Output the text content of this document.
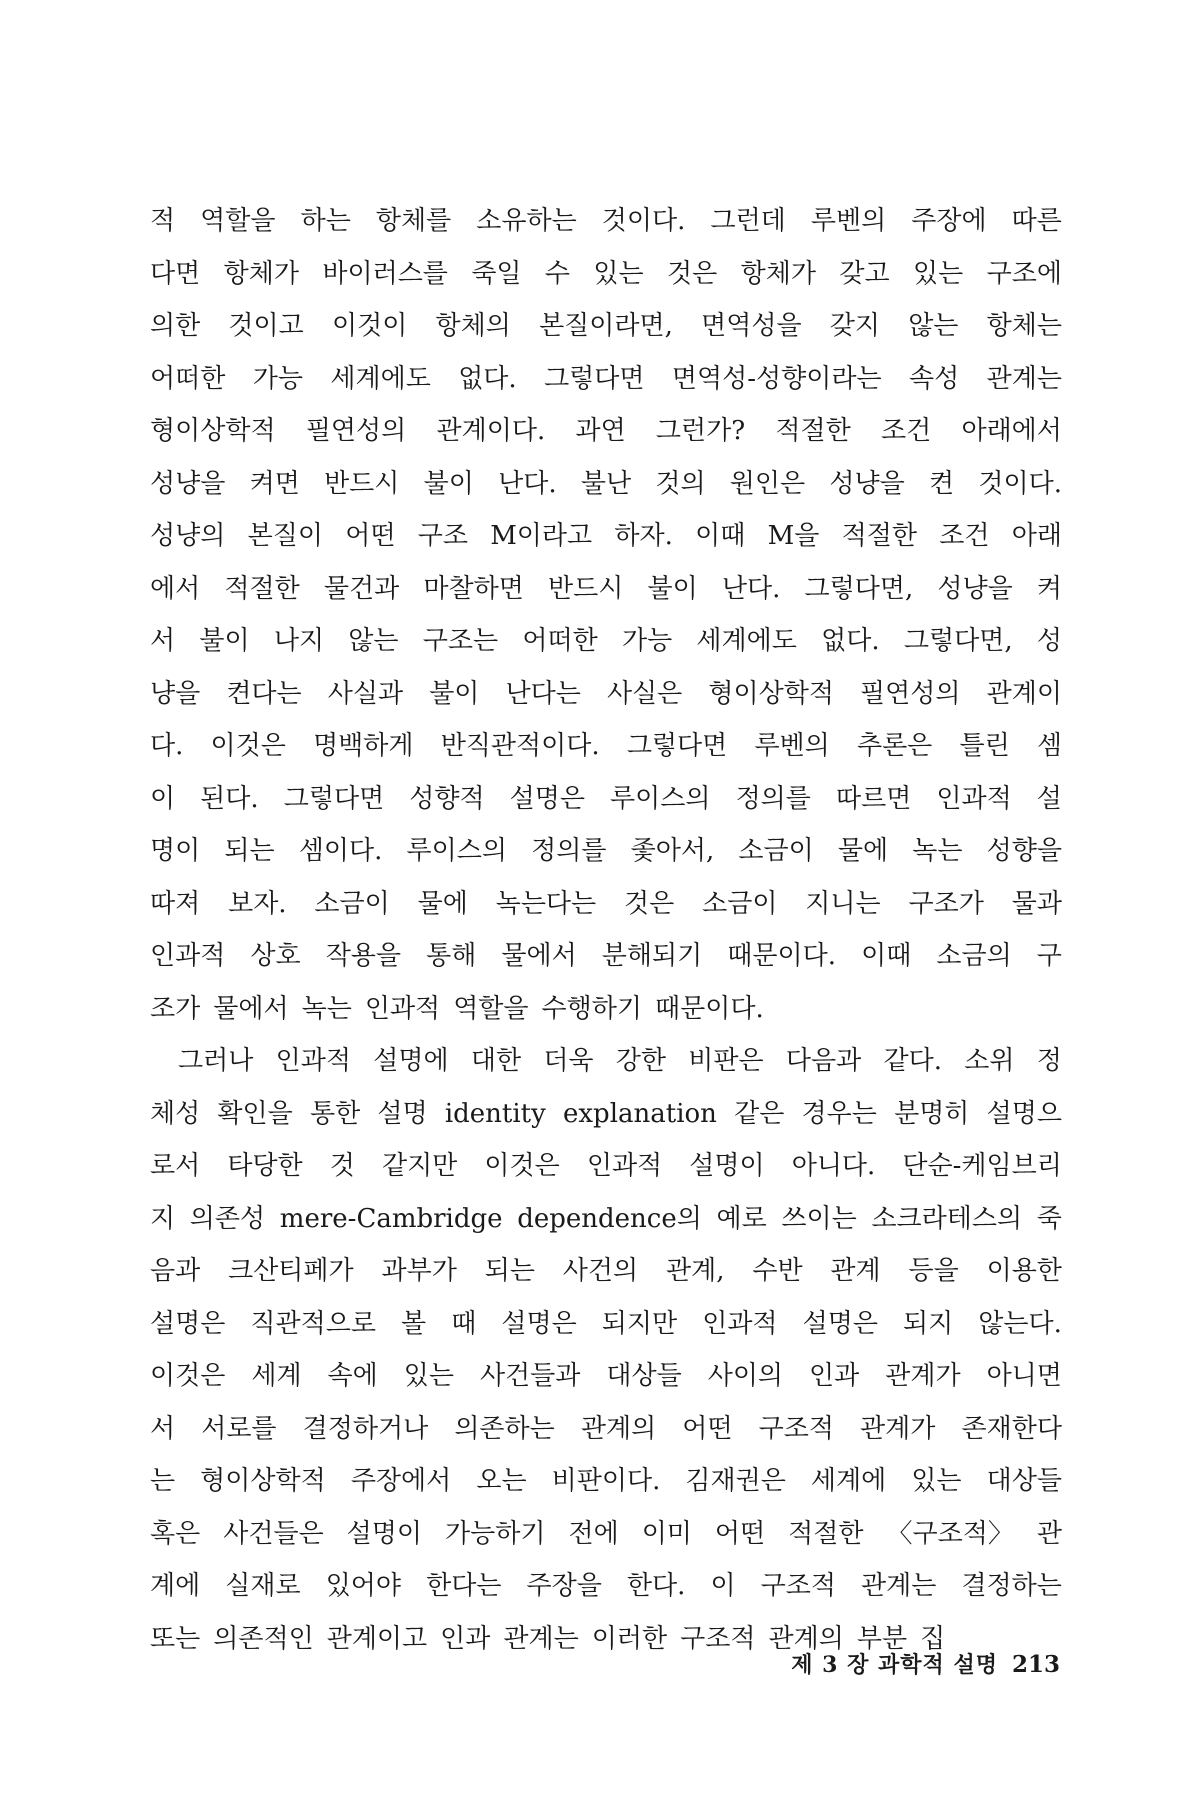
적 역할을 하는 항체를 소유하는 것이다. 그런데 루벤의 주장에 따른
다면 항체가 바이러스를 죽일 수 있는 것은 항체가 갖고 있는 구조에
의한 것이고 이것이 항체의 본질이라면, 면역성을 갖지 않는 항체는
어떠한 가능 세계에도 없다. 그렇다면 면역성-성향이라는 속성 관계는
형이상학적 필연성의 관계이다. 과연 그런가? 적절한 조건 아래에서
성냥을 켜면 반드시 불이 난다. 불난 것의 원인은 성냥을 켠 것이다.
성냥의 본질이 어떤 구조 M이라고 하자. 이때 M을 적절한 조건 아래
에서 적절한 물건과 마찰하면 반드시 불이 난다. 그렇다면, 성냥을 켜
서 불이 나지 않는 구조는 어떠한 가능 세계에도 없다. 그렇다면, 성
냥을 켠다는 사실과 불이 난다는 사실은 형이상학적 필연성의 관계이
다. 이것은 명백하게 반직관적이다. 그렇다면 루벤의 추론은 틀린 셈
이 된다. 그렇다면 성향적 설명은 루이스의 정의를 따르면 인과적 설
명이 되는 셈이다. 루이스의 정의를 좇아서, 소금이 물에 녹는 성향을
따져 보자. 소금이 물에 녹는다는 것은 소금이 지니는 구조가 물과
인과적 상호 작용을 통해 물에서 분해되기 때문이다. 이때 소금의 구
조가 물에서 녹는 인과적 역할을 수행하기 때문이다.
그러나 인과적 설명에 대한 더욱 강한 비판은 다음과 같다. 소위 정
체성 확인을 통한 설명 identity explanation 같은 경우는 분명히 설명으
로서 타당한 것 같지만 이것은 인과적 설명이 아니다. 단순-케임브리
지 의존성 mere-Cambridge dependence의 예로 쓰이는 소크라테스의 죽
음과 크산티페가 과부가 되는 사건의 관계, 수반 관계 등을 이용한
설명은 직관적으로 볼 때 설명은 되지만 인과적 설명은 되지 않는다.
이것은 세계 속에 있는 사건들과 대상들 사이의 인과 관계가 아니면
서 서로를 결정하거나 의존하는 관계의 어떤 구조적 관계가 존재한다
는 형이상학적 주장에서 오는 비판이다. 김재권은 세계에 있는 대상들
혹은 사건들은 설명이 가능하기 전에 이미 어떤 적절한 〈구조적〉 관
계에 실재로 있어야 한다는 주장을 한다. 이 구조적 관계는 결정하는
또는 의존적인 관계이고 인과 관계는 이러한 구조적 관계의 부분 집
제 3 장 과학적 설명 213
